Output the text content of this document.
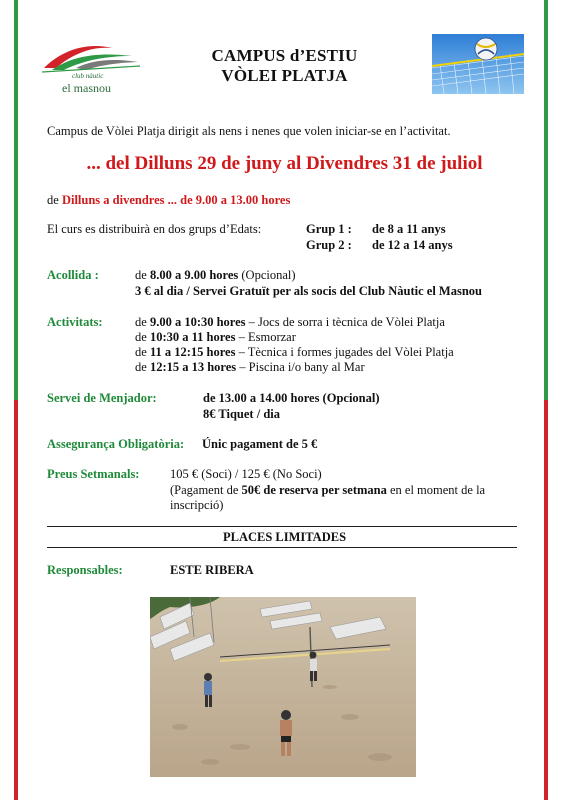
club nàutic
el masnou
CAMPUS d’ESTIU
VÒLEI PLATJA
Campus de Vòlei Platja dirigit als nens i nenes que volen iniciar-se en l’activitat.
... del Dilluns 29 de juny al Divendres 31 de juliol
de Dilluns a divendres ... de 9.00 a 13.00 hores
El curs es distribuirà en dos grups d’Edats:	Grup 1 : de 8 a 11 anys
Grup 2 : de 12 a 14 anys
Acollida :	de 8.00 a 9.00 hores (Opcional)
3 € al dia / Servei Gratuït per als socis del Club Nàutic el Masnou
Activitats:	de 9.00 a 10:30 hores – Jocs de sorra i tècnica de Vòlei Platja
de 10:30 a 11 hores – Esmorzar
de 11 a 12:15 hores – Tècnica i formes jugades del Vòlei Platja
de 12:15 a 13 hores – Piscina i/o bany al Mar
Servei de Menjador:	de 13.00 a 14.00 hores (Opcional)
8€ Tiquet / dia
Assegurança Obligatòria: Únic pagament de 5 €
Preus Setmanals: 105 € (Soci) / 125 € (No Soci)
(Pagament de 50€ de reserva per setmana en el moment de la
inscripció)
PLACES LIMITADES
Responsables:	ESTE RIBERA
